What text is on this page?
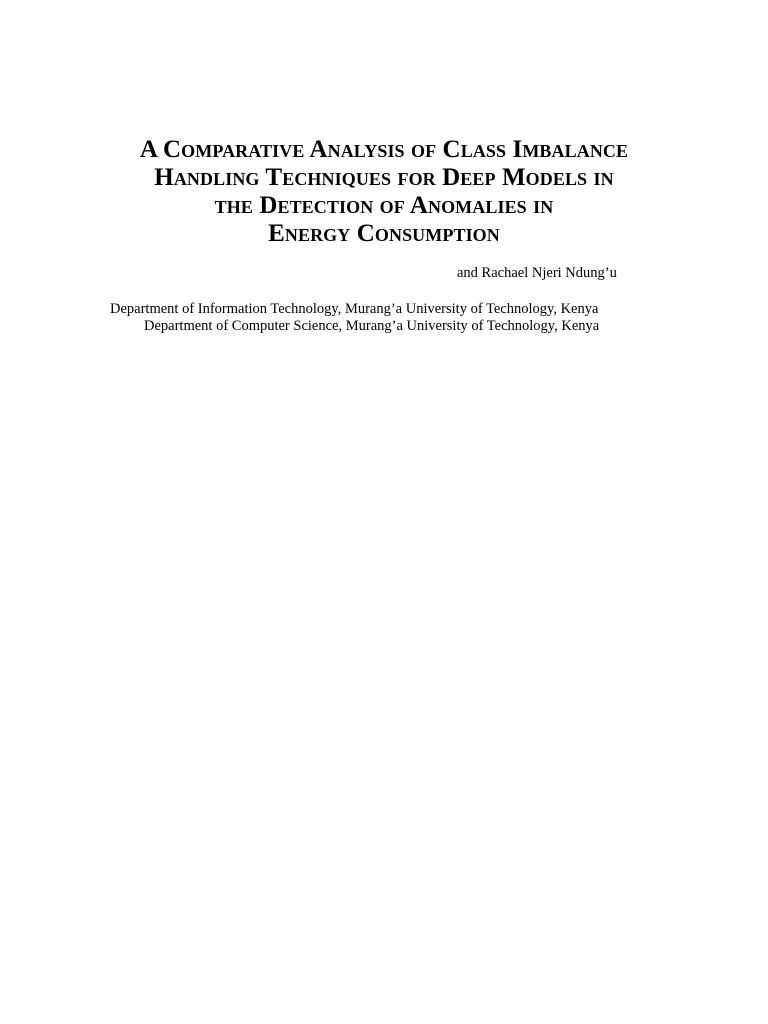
A Comparative Analysis of Class Imbalance

Handling Techniques for Deep Models in

the Detection of Anomalies in

Energy Consumption

and Rachael Njeri Ndung’u
Department of Information Technology, Murang’a University of Technology, Kenya
Department of Computer Science, Murang’a University of Technology, Kenya
